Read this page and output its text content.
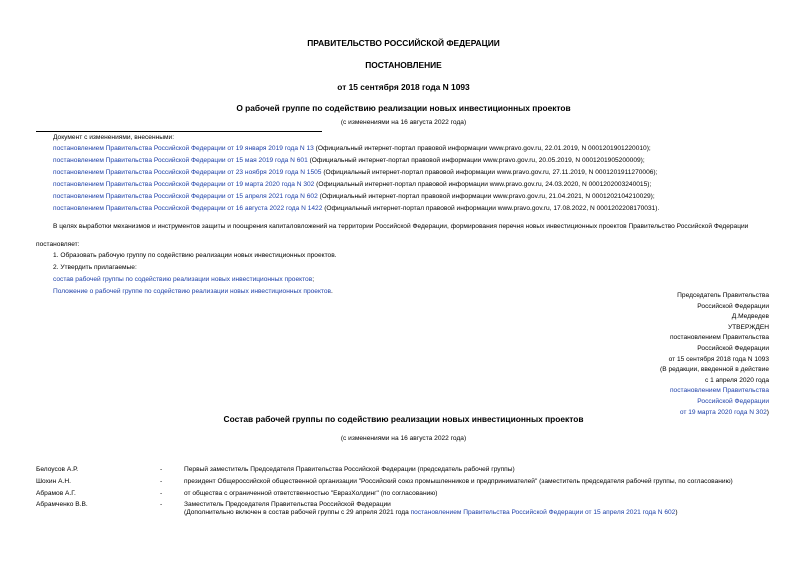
ПРАВИТЕЛЬСТВО РОССИЙСКОЙ ФЕДЕРАЦИИ
ПОСТАНОВЛЕНИЕ
от 15 сентября 2018 года N 1093
О рабочей группе по содействию реализации новых инвестиционных проектов
(с изменениями на 16 августа 2022 года)
Документ с изменениями, внесенными:
постановлением Правительства Российской Федерации от 19 января 2019 года N 13 (Официальный интернет-портал правовой информации www.pravo.gov.ru, 22.01.2019, N 0001201901220010);
постановлением Правительства Российской Федерации от 15 мая 2019 года N 601 (Официальный интернет-портал правовой информации www.pravo.gov.ru, 20.05.2019, N 0001201905200009);
постановлением Правительства Российской Федерации от 23 ноября 2019 года N 1505 (Официальный интернет-портал правовой информации www.pravo.gov.ru, 27.11.2019, N 0001201911270006);
постановлением Правительства Российской Федерации от 19 марта 2020 года N 302 (Официальный интернет-портал правовой информации www.pravo.gov.ru, 24.03.2020, N 0001202003240015);
постановлением Правительства Российской Федерации от 15 апреля 2021 года N 602 (Официальный интернет-портал правовой информации www.pravo.gov.ru, 21.04.2021, N 0001202104210029);
постановлением Правительства Российской Федерации от 16 августа 2022 года N 1422 (Официальный интернет-портал правовой информации www.pravo.gov.ru, 17.08.2022, N 0001202208170031).
В целях выработки механизмов и инструментов защиты и поощрения капиталовложений на территории Российской Федерации, формирования перечня новых инвестиционных проектов Правительство Российской Федерации
постановляет:
1. Образовать рабочую группу по содействию реализации новых инвестиционных проектов.
2. Утвердить прилагаемые:
состав рабочей группы по содействию реализации новых инвестиционных проектов;
Положение о рабочей группе по содействию реализации новых инвестиционных проектов.
Председатель Правительства
Российской Федерации
Д.Медведев
УТВЕРЖДЕН
постановлением Правительства
Российской Федерации
от 15 сентября 2018 года N 1093
(В редакции, введенной в действие
с 1 апреля 2020 года
постановлением Правительства
Российской Федерации
от 19 марта 2020 года N 302)
Состав рабочей группы по содействию реализации новых инвестиционных проектов
(с изменениями на 16 августа 2022 года)
Белоусов А.Р.	-	Первый заместитель Председателя Правительства Российской Федерации (председатель рабочей группы)
Шохин А.Н.	-	президент Общероссийской общественной организации "Российский союз промышленников и предпринимателей" (заместитель председателя рабочей группы, по согласованию)
Абрамов А.Г.	-	от общества с ограниченной ответственностью "ЕвразХолдинг" (по согласованию)
Абрамченко В.В.	-	Заместитель Председателя Правительства Российской Федерации
(Дополнительно включен в состав рабочей группы с 29 апреля 2021 года постановлением Правительства Российской Федерации от 15 апреля 2021 года N 602)
